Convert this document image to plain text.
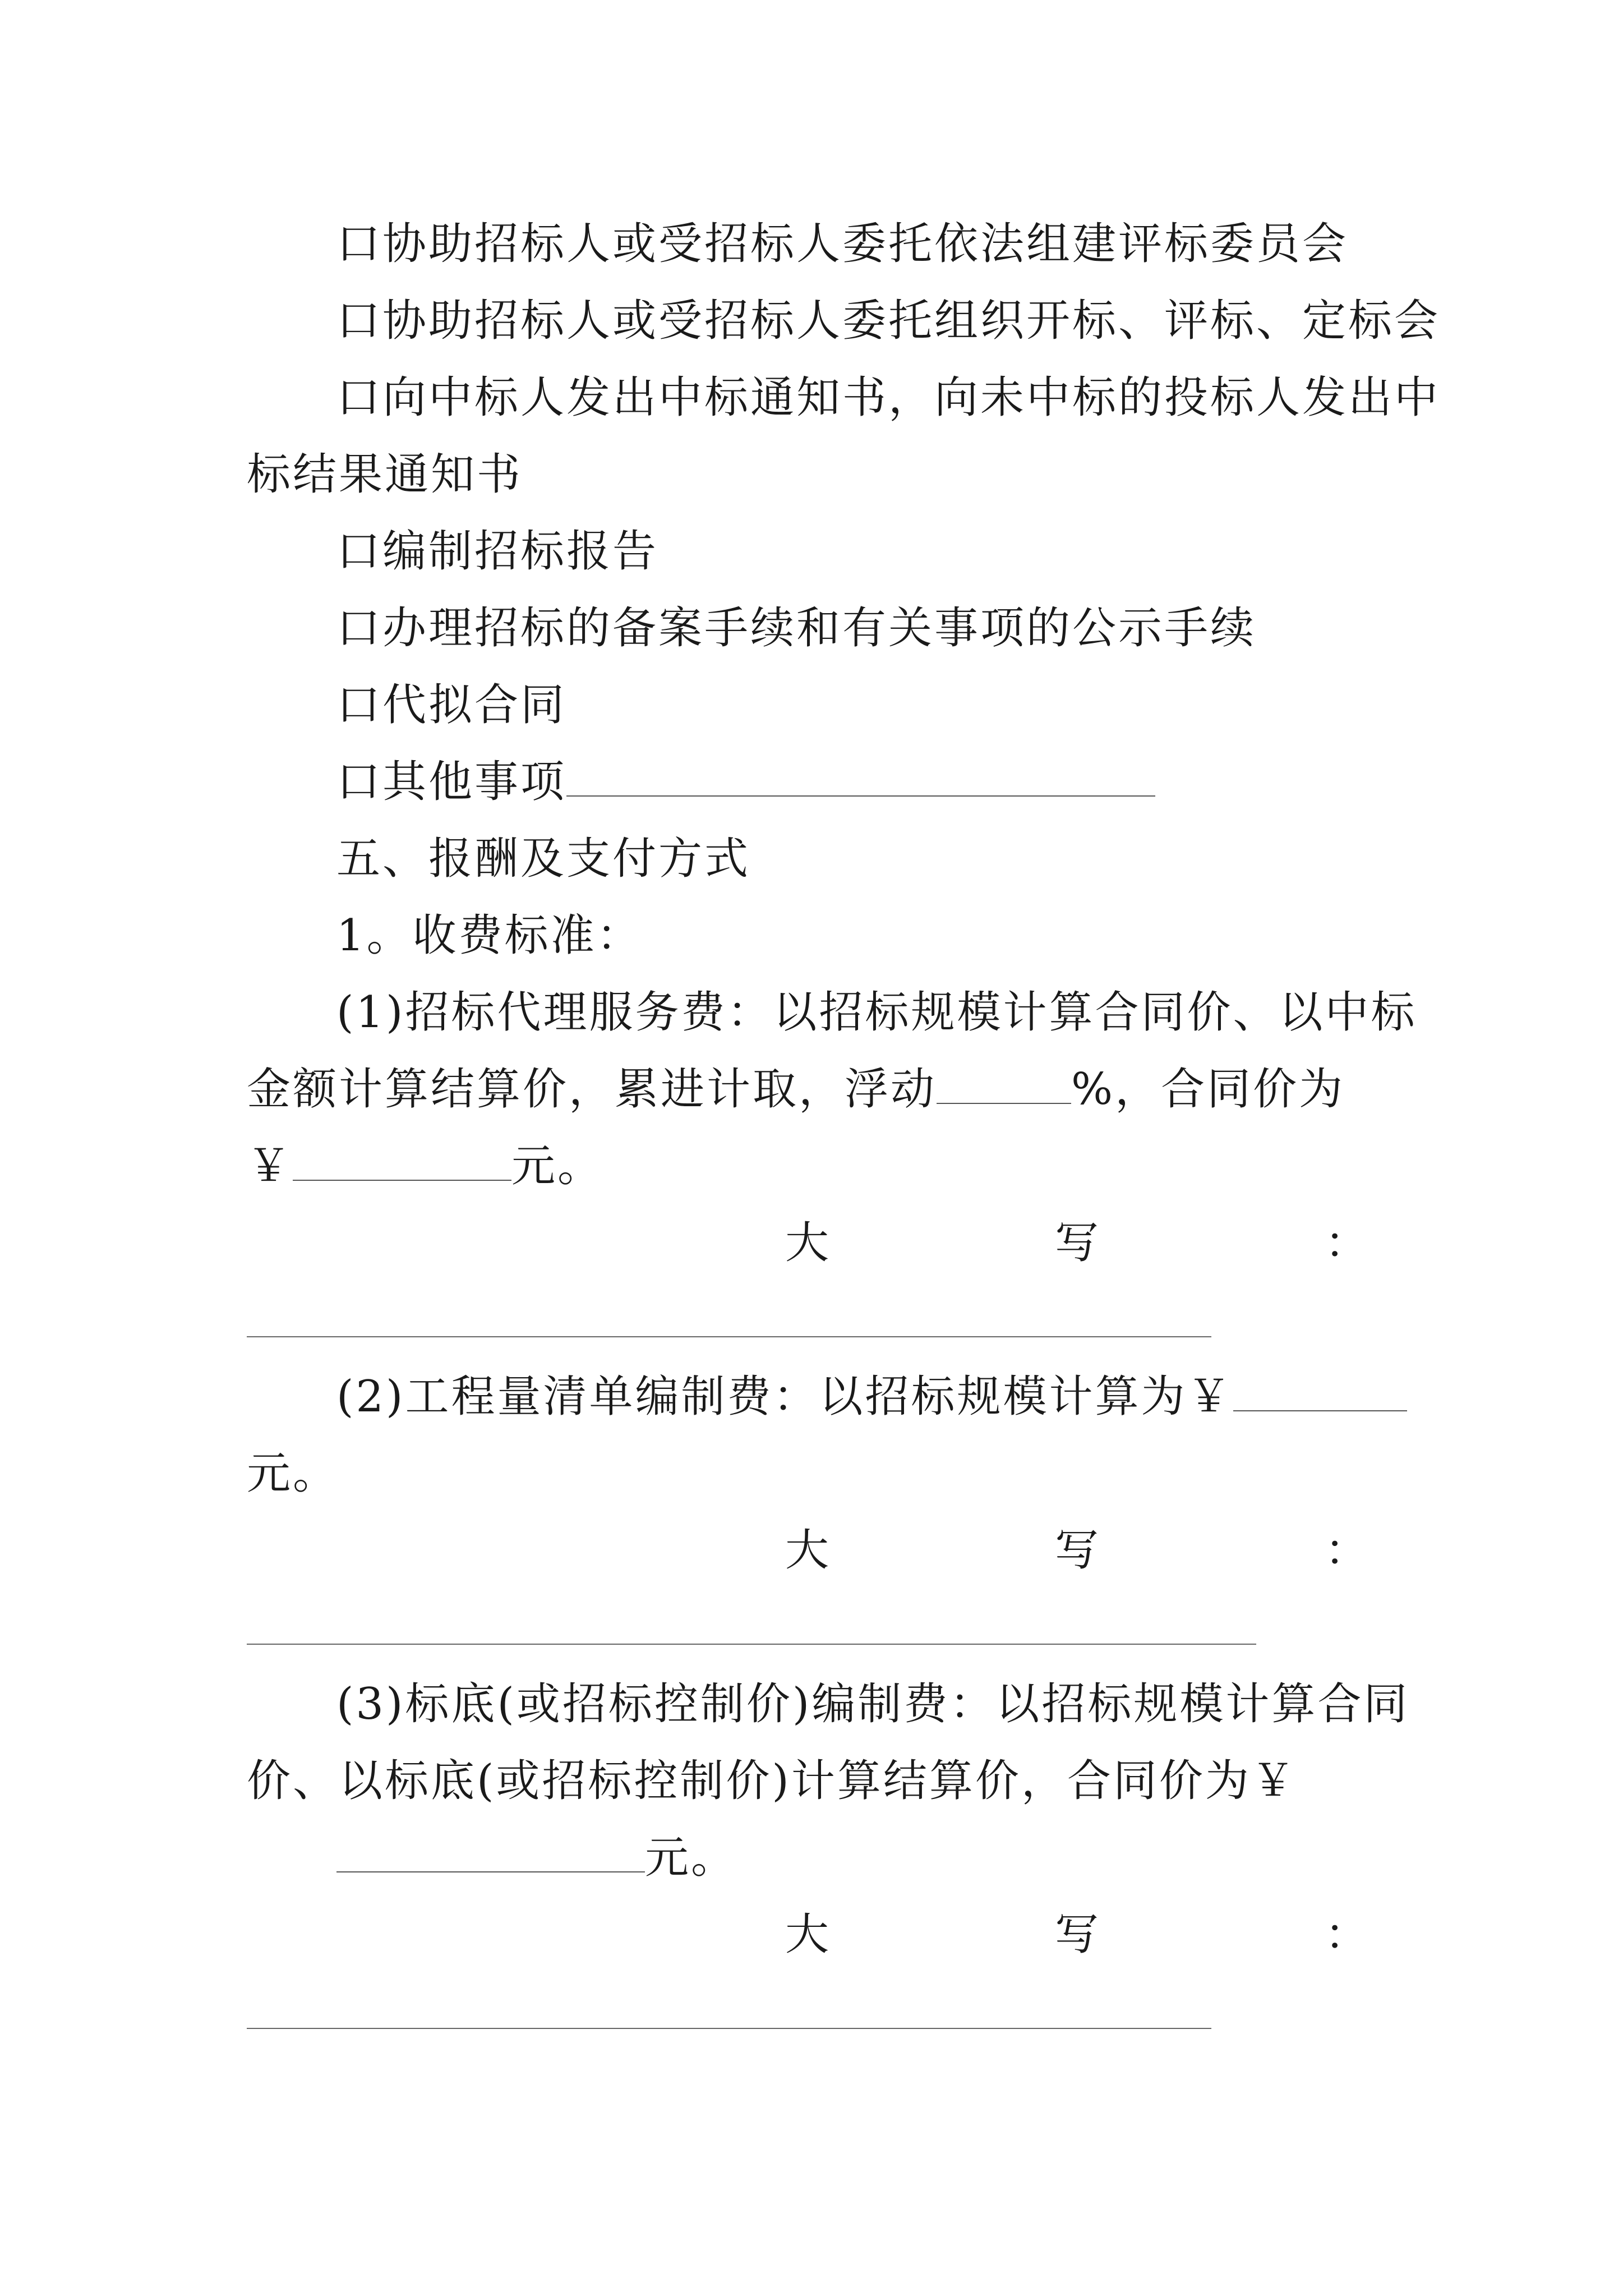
口协助招标人或受招标人委托依法组建评标委员会
口协助招标人或受招标人委托组织开标、评标、定标会
口向中标人发出中标通知书，向未中标的投标人发出中
标结果通知书
口编制招标报告
口办理招标的备案手续和有关事项的公示手续
口代拟合同
口其他事项
五、报酬及支付方式
1。收费标准：
(1)招标代理服务费：以招标规模计算合同价、以中标
金额计算结算价，累进计取，浮动	%，合同价为
￥	元。
大	写	：
(2)工程量清单编制费：以招标规模计算为￥
元。
大	写	：
(3)标底(或招标控制价)编制费：以招标规模计算合同
价、以标底(或招标控制价)计算结算价，合同价为￥
元。
大	写	：
